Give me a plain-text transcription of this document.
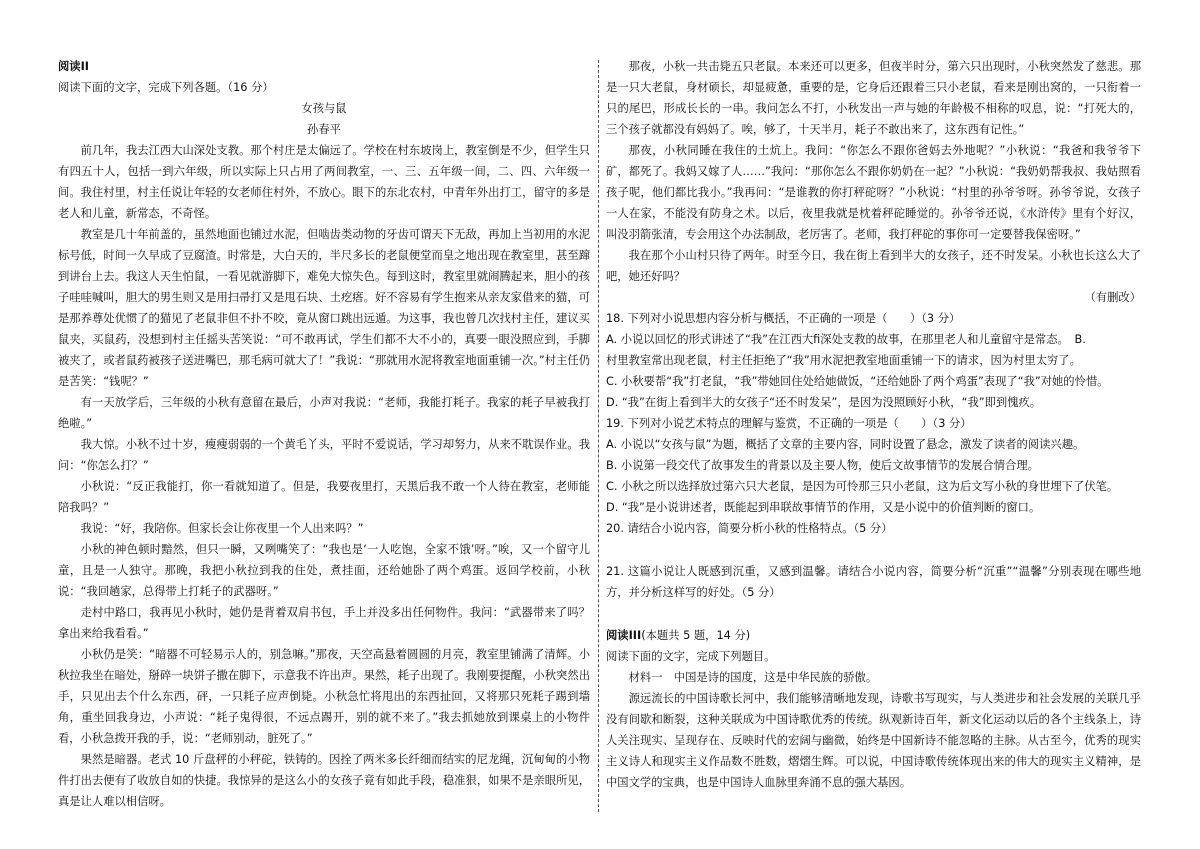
阅读II

阅读下面的文字，完成下列各题。（16 分）

女孩与鼠

孙春平

前几年，我去江西大山深处支教。那个村庄是太偏远了。学校在村东坡岗上，教室倒是不少，但学生只有四五十人，包括一到六年级，所以实际上只占用了两间教室，一、三、五年级一间，二、四、六年级一间。我住村里，村主任说让年轻的女老师住村外，不放心。眼下的东北农村，中青年外出打工，留守的多是老人和儿童，新常态，不奇怪。

教室是几十年前盖的，虽然地面也铺过水泥，但啮齿类动物的牙齿可谓天下无敌，再加上当初用的水泥标号低，时间一久早成了豆腐渣。时常是，大白天的，半尺多长的老鼠便堂而皇之地出现在教室里，甚至蹿到讲台上去。我这人天生怕鼠，一看见就游脚下，难免大惊失色。每到这时，教室里就闹腾起来，胆小的孩子哇哇喊叫，胆大的男生则又是用扫帚打又是甩石块、土疙瘩。好不容易有学生抱来从亲友家借来的猫，可是那养尊处优惯了的猫见了老鼠非但不扑不咬，竟从窗口跳出远遁。为这事，我也曾几次找村主任，建议买鼠夹，买鼠药，没想到村主任摇头苦笑说：“可不敢再试，学生们都不大不小的，真要一眼没照应到，手脚被夹了，或者鼠药被孩子送进嘴巴，那毛病可就大了！”我说：“那就用水泥将教室地面重铺一次。”村主任仍是苦笑：“钱呢？”

有一天放学后，三年级的小秋有意留在最后，小声对我说：“老师，我能打耗子。我家的耗子早被我打绝啦。”

我大惊。小秋不过十岁，瘦瘦弱弱的一个黄毛丫头，平时不爱说话，学习却努力，从来不耽误作业。我问：“你怎么打？”

小秋说：“反正我能打，你一看就知道了。但是，我要夜里打，天黑后我不敢一个人待在教室，老师能陪我吗？”

我说：“好，我陪你。但家长会让你夜里一个人出来吗？”

小秋的神色顿时黯然，但只一瞬，又咧嘴笑了：“我也是‘一人吃饱，全家不饿’呀。”唉，又一个留守儿童，且是一人独守。那晚，我把小秋拉到我的住处，煮挂面，还给她卧了两个鸡蛋。返回学校前，小秋说：“我回趟家，总得带上打耗子的武器呀。”

走村中路口，我再见小秋时，她仍是背着双肩书包，手上并没多出任何物件。我问：“武器带来了吗？拿出来给我看看。”

小秋仍是笑：“暗器不可轻易示人的，别急嘛。”那夜，天空高悬着圆圆的月亮，教室里铺满了清辉。小秋拉我坐在暗处，掰碎一块饼子撒在脚下，示意我不许出声。果然，耗子出现了。我刚要提醒，小秋突然出手，只见出去个什么东西，砰，一只耗子应声倒毙。小秋急忙将甩出的东西扯回，又将那只死耗子踢到墙角，重坐回我身边，小声说：“耗子鬼得很，不远点踢开，别的就不来了。”我去抓她放到课桌上的小物件看，小秋急拨开我的手，说：“老师别动，脏死了。”

果然是暗器。老式 10 斤盘秤的小秤砣，铁铸的。因拴了两米多长纤细而结实的尼龙绳，沉甸甸的小物件打出去便有了收放自如的快捷。我惊异的是这么小的女孩子竟有如此手段，稳准狠，如果不是亲眼所见，真是让人难以相信呀。

那夜，小秋一共击毙五只老鼠。本来还可以更多，但夜半时分，第六只出现时，小秋突然发了慈悲。那是一只大老鼠，身材硕长，却显疲惫，重要的是，它身后还跟着三只小老鼠，看来是刚出窝的，一只衔着一只的尾巴，形成长长的一串。我问怎么不打，小秋发出一声与她的年龄极不相称的叹息，说：“打死大的，三个孩子就都没有妈妈了。唉，够了，十天半月，耗子不敢出来了，这东西有记性。”

那夜，小秋同睡在我住的土炕上。我问：“你怎么不跟你爸妈去外地呢？”小秋说：“我爸和我爷爷下矿，都死了。我妈又嫁了人……”我问：“那你怎么不跟你奶奶在一起？”小秋说：“我奶奶帮我叔、我姑照看孩子呢，他们都比我小。”我再问：“是谁教的你打秤砣呀？”小秋说：“村里的孙爷爷呀。孙爷爷说，女孩子一人在家，不能没有防身之术。以后，夜里我就是枕着秤砣睡觉的。孙爷爷还说，《水浒传》里有个好汉，叫没羽箭张清，专会用这个办法制敌，老厉害了。老师，我打秤砣的事你可一定要替我保密呀。”

我在那个小山村只待了两年。时至今日，我在街上看到半大的女孩子，还不时发呆。小秋也长这么大了吧，她还好吗？

（有删改）

18. 下列对小说思想内容分析与概括，不正确的一项是（　　）（3 分）

A. 小说以回忆的形式讲述了“我”在江西大fi深处支教的故事，在那里老人和儿童留守是常态。　B.

村里教室常出现老鼠，村主任拒绝了“我”用水泥把教室地面重铺一下的请求，因为村里太穷了。

C. 小秋要帮“我”打老鼠，“我”带她回住处给她做饭，“还给她卧了两个鸡蛋”表现了“我”对她的怜惜。

D. “我”在街上看到半大的女孩子“还不时发呆”，是因为没照顾好小秋，“我”即到愧疚。

19. 下列对小说艺术特点的理解与鉴赏，不正确的一项是（　　）（3 分）

A. 小说以“女孩与鼠”为题，概括了文章的主要内容，同时设置了悬念，激发了读者的阅读兴趣。

B. 小说第一段交代了故事发生的背景以及主要人物，使后文故事情节的发展合情合理。

C. 小秋之所以选择放过第六只大老鼠，是因为可怜那三只小老鼠，这为后文写小秋的身世埋下了伏笔。

D. “我”是小说讲述者，既能起到串联故事情节的作用，又是小说中的价值判断的窗口。

20. 请结合小说内容，简要分析小秋的性格特点。（5 分）

21. 这篇小说让人既感到沉重，又感到温馨。请结合小说内容，简要分析“沉重”“温馨”分别表现在哪些地方，并分析这样写的好处。（5 分）

阅读III(本题共 5 题，14 分)

阅读下面的文字，完成下列题目。

材料一　中国是诗的国度，这是中华民族的骄傲。

源远流长的中国诗歌长河中，我们能够清晰地发现，诗歌书写现实，与人类进步和社会发展的关联几乎没有间歇和断裂，这种关联成为中国诗歌优秀的传统。纵观新诗百年，新文化运动以后的各个主线条上，诗人关注现实、呈现存在、反映时代的宏阔与幽微，始终是中国新诗不能忽略的主脉。从古至今，优秀的现实主义诗人和现实主义作品数不胜数，熠熠生辉。可以说，中国诗歌传统体现出来的伟大的现实主义精神，是中国文学的宝典，也是中国诗人血脉里奔涌不息的强大基因。
